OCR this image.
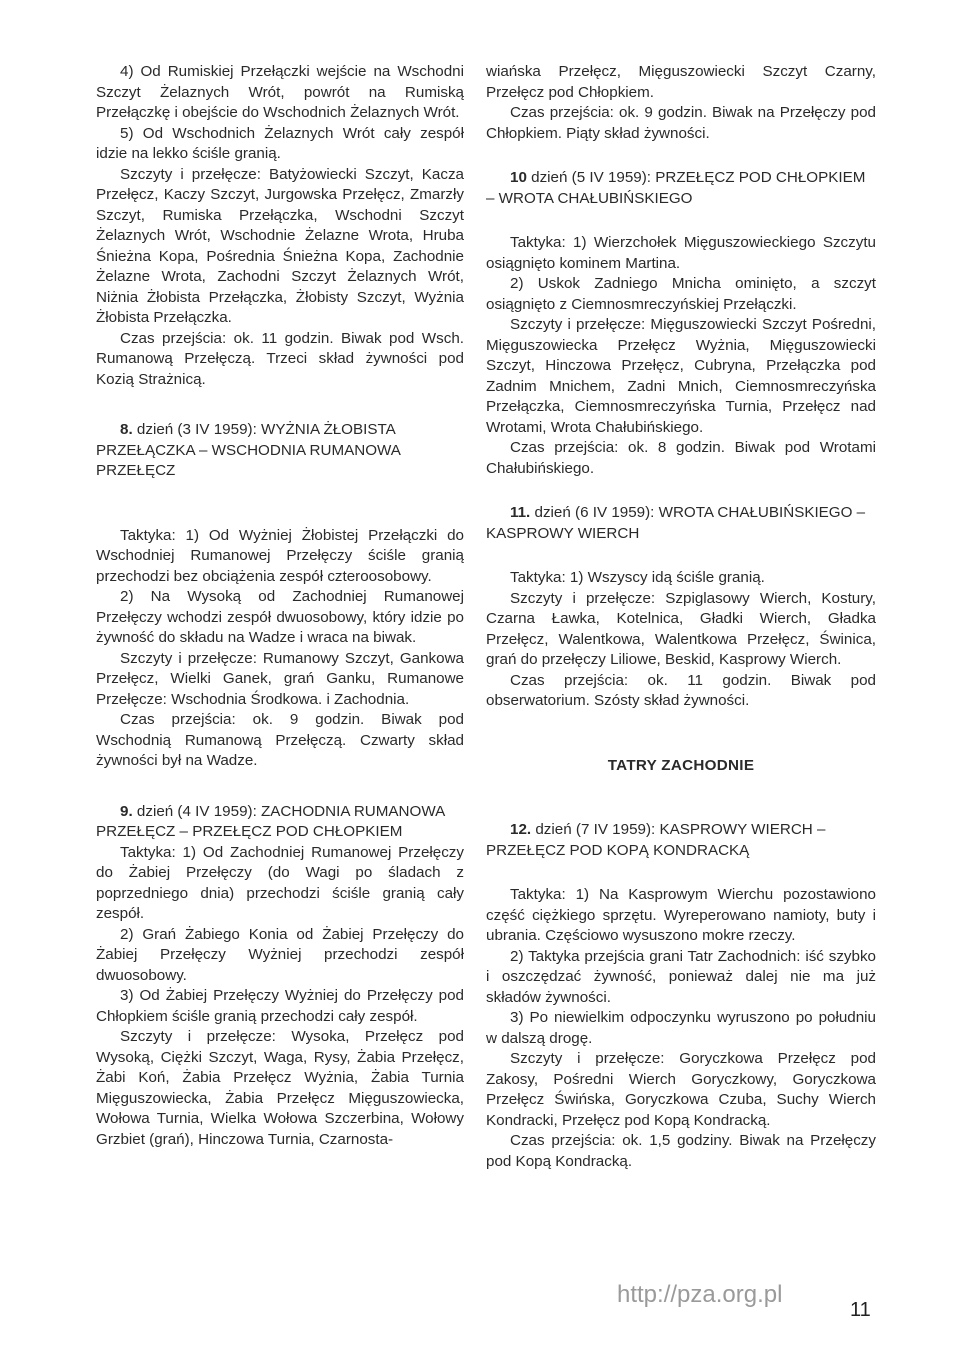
4) Od Rumiskiej Przełączki wejście na Wschodni Szczyt Żelaznych Wrót, powrót na Rumiską Przełączkę i obejście do Wschodnich Żelaznych Wrót.

5) Od Wschodnich Żelaznych Wrót cały zespół idzie na lekko ściśle granią.

Szczyty i przełęcze: Batyżowiecki Szczyt, Kacza Przełęcz, Kaczy Szczyt, Jurgowska Przełęcz, Zmarzły Szczyt, Rumiska Przełączka, Wschodni Szczyt Żelaznych Wrót, Wschodnie Żelazne Wrota, Hruba Śnieżna Kopa, Pośrednia Śnieżna Kopa, Zachodnie Żelazne Wrota, Zachodni Szczyt Żelaznych Wrót, Niżnia Żłobista Przełączka, Żłobisty Szczyt, Wyżnia Żłobista Przełączka.

Czas przejścia: ok. 11 godzin. Biwak pod Wsch. Rumanową Przełęczą. Trzeci skład żywności pod Kozią Strażnicą.

8. dzień (3 IV 1959): WYŻNIA ŻŁOBISTA PRZEŁĄCZKA – WSCHODNIA RUMANOWA PRZEŁĘCZ

Taktyka: 1) Od Wyżniej Żłobistej Przełączki do Wschodniej Rumanowej Przełęczy ściśle granią przechodzi bez obciążenia zespół czteroosobowy.

2) Na Wysoką od Zachodniej Rumanowej Przełęczy wchodzi zespół dwuosobowy, który idzie po żywność do składu na Wadze i wraca na biwak.

Szczyty i przełęcze: Rumanowy Szczyt, Gankowa Przełęcz, Wielki Ganek, grań Ganku, Rumanowe Przełęcze: Wschodnia Środkowa. i Zachodnia.

Czas przejścia: ok. 9 godzin. Biwak pod Wschodnią Rumanową Przełęczą. Czwarty skład żywności był na Wadze.

9. dzień (4 IV 1959): ZACHODNIA RUMANOWA PRZEŁĘCZ – PRZEŁĘCZ POD CHŁOPKIEM

Taktyka: 1) Od Zachodniej Rumanowej Przełęczy do Żabiej Przełęczy (do Wagi po śladach z poprzedniego dnia) przechodzi ściśle granią cały zespół.

2) Grań Żabiego Konia od Żabiej Przełęczy do Żabiej Przełęczy Wyżniej przechodzi zespół dwuosobowy.

3) Od Żabiej Przełęczy Wyżniej do Przełęczy pod Chłopkiem ściśle granią przechodzi cały zespół.

Szczyty i przełęcze: Wysoka, Przełęcz pod Wysoką, Ciężki Szczyt, Waga, Rysy, Żabia Przełęcz, Żabi Koń, Żabia Przełęcz Wyżnia, Żabia Turnia Mięguszowiecka, Żabia Przełęcz Mięguszowiecka, Wołowa Turnia, Wielka Wołowa Szczerbina, Wołowy Grzbiet (grań), Hinczowa Turnia, Czarnosta-

wiańska Przełęcz, Mięguszowiecki Szczyt Czarny, Przełęcz pod Chłopkiem.

Czas przejścia: ok. 9 godzin. Biwak na Przełęczy pod Chłopkiem. Piąty skład żywności.

10 dzień (5 IV 1959): PRZEŁĘCZ POD CHŁOPKIEM – WROTA CHAŁUBIŃSKIEGO

Taktyka: 1) Wierzchołek Mięguszowieckiego Szczytu osiągnięto kominem Martina.

2) Uskok Zadniego Mnicha ominięto, a szczyt osiągnięto z Ciemnosmreczyńskiej Przełączki.

Szczyty i przełęcze: Mięguszowiecki Szczyt Pośredni, Mięguszowiecka Przełęcz Wyżnia, Mięguszowiecki Szczyt, Hinczowa Przełęcz, Cubryna, Przełączka pod Zadnim Mnichem, Zadni Mnich, Ciemnosmreczyńska Przełączka, Ciemnosmreczyńska Turnia, Przełęcz nad Wrotami, Wrota Chałubińskiego.

Czas przejścia: ok. 8 godzin. Biwak pod Wrotami Chałubińskiego.

11. dzień (6 IV 1959): WROTA CHAŁUBIŃSKIEGO – KASPROWY WIERCH

Taktyka: 1) Wszyscy idą ściśle granią.

Szczyty i przełęcze: Szpiglasowy Wierch, Kostury, Czarna Ławka, Kotelnica, Gładki Wierch, Gładka Przełęcz, Walentkowa, Walentkowa Przełęcz, Świnica, grań do przełęczy Liliowe, Beskid, Kasprowy Wierch.

Czas przejścia: ok. 11 godzin. Biwak pod obserwatorium. Szósty skład żywności.

TATRY ZACHODNIE

12. dzień (7 IV 1959): KASPROWY WIERCH – PRZEŁĘCZ POD KOPĄ KONDRACKĄ

Taktyka: 1) Na Kasprowym Wierchu pozostawiono część ciężkiego sprzętu. Wyreperowano namioty, buty i ubrania. Częściowo wysuszono mokre rzeczy.

2) Taktyka przejścia grani Tatr Zachodnich: iść szybko i oszczędzać żywność, ponieważ dalej nie ma już składów żywności.

3) Po niewielkim odpoczynku wyruszono po południu w dalszą drogę.

Szczyty i przełęcze: Goryczkowa Przełęcz pod Zakosy, Pośredni Wierch Goryczkowy, Goryczkowa Przełęcz Świńska, Goryczkowa Czuba, Suchy Wierch Kondracki, Przełęcz pod Kopą Kondracką.

Czas przejścia: ok. 1,5 godziny. Biwak na Przełęczy pod Kopą Kondracką.

http://pza.org.pl
11
